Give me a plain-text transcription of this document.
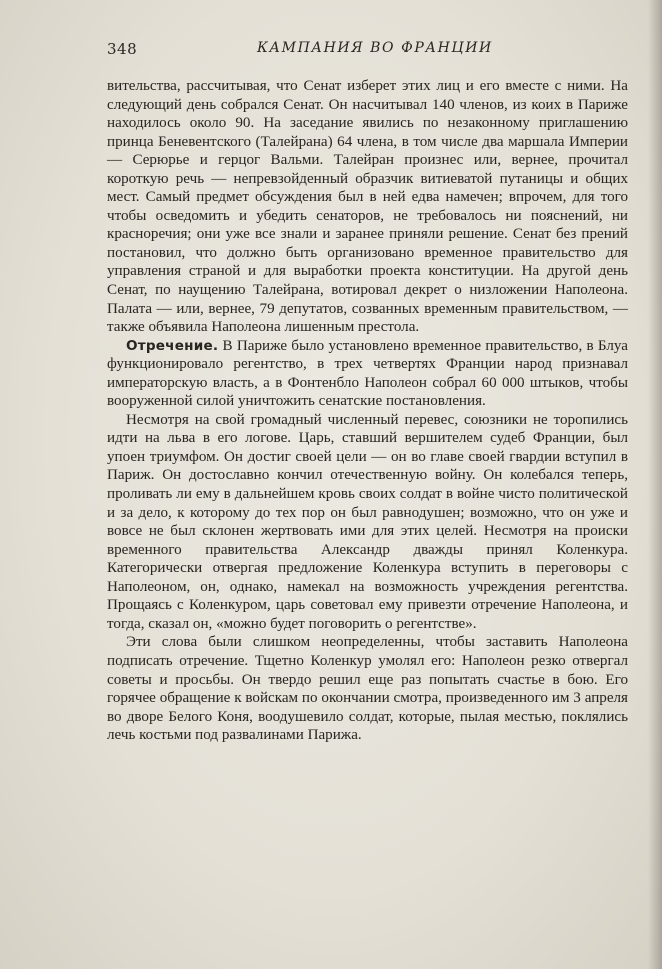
348	КАМПАНИЯ ВО ФРАНЦИИ

вительства, рассчитывая, что Сенат изберет этих лиц и его вместе с ними. На следующий день собрался Сенат. Он насчитывал 140 членов, из коих в Париже находилось около 90. На заседание явились по незаконному приглашению принца Беневентского (Талейрана) 64 члена, в том числе два маршала Империи — Серюрье и герцог Вальми. Талейран произнес или, вернее, прочитал короткую речь — непревзойденный образчик витиеватой путаницы и общих мест. Самый предмет обсуждения был в ней едва намечен; впрочем, для того чтобы осведомить и убедить сенаторов, не требовалось ни пояснений, ни красноречия; они уже все знали и заранее приняли решение. Сенат без прений постановил, что должно быть организовано временное правительство для управления страной и для выработки проекта конституции. На другой день Сенат, по наущению Талейрана, вотировал декрет о низложении Наполеона. Палата — или, вернее, 79 депутатов, созванных временным правительством, — также объявила Наполеона лишенным престола.

Отречение. В Париже было установлено временное правительство, в Блуа функционировало регентство, в трех четвертях Франции народ признавал императорскую власть, а в Фонтенбло Наполеон собрал 60 000 штыков, чтобы вооруженной силой уничтожить сенатские постановления.

Несмотря на свой громадный численный перевес, союзники не торопились идти на льва в его логове. Царь, ставший вершителем судеб Франции, был упоен триумфом. Он достиг своей цели — он во главе своей гвардии вступил в Париж. Он достославно кончил отечественную войну. Он колебался теперь, проливать ли ему в дальнейшем кровь своих солдат в войне чисто политической и за дело, к которому до тех пор он был равнодушен; возможно, что он уже и вовсе не был склонен жертвовать ими для этих целей. Несмотря на происки временного правительства Александр дважды принял Коленкура. Категорически отвергая предложение Коленкура вступить в переговоры с Наполеоном, он, однако, намекал на возможность учреждения регентства. Прощаясь с Коленкуром, царь советовал ему привезти отречение Наполеона, и тогда, сказал он, «можно будет поговорить о регентстве».

Эти слова были слишком неопределенны, чтобы заставить Наполеона подписать отречение. Тщетно Коленкур умолял его: Наполеон резко отвергал советы и просьбы. Он твердо решил еще раз попытать счастье в бою. Его горячее обращение к войскам по окончании смотра, произведенного им 3 апреля во дворе Белого Коня, воодушевило солдат, которые, пылая местью, поклялись лечь костьми под развалинами Парижа.
